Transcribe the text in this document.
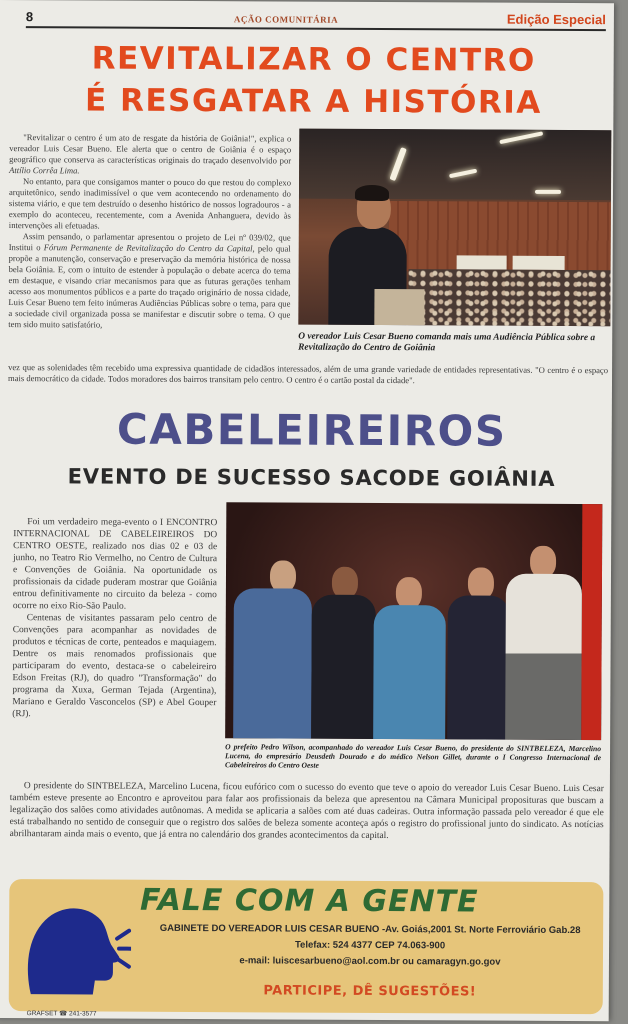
8	AÇÃO COMUNITÁRIA	Edição Especial
REVITALIZAR O CENTRO
É RESGATAR A HISTÓRIA

"Revitalizar o centro é um ato de resgate da história de Goiânia!", explica o vereador Luis Cesar Bueno. Ele alerta que o centro de Goiânia é o espaço geográfico que conserva as características originais do traçado desenvolvido por Attílio Corrêa Lima.

No entanto, para que consigamos manter o pouco do que restou do complexo arquitetônico, sendo inadimissível o que vem acontecendo no ordenamento do sistema viário, e que tem destruído o desenho histórico de nossos logradouros - a exemplo do aconteceu, recentemente, com a Avenida Anhanguera, devido às intervenções ali efetuadas.

Assim pensando, o parlamentar apresentou o projeto de Lei nº 039/02, que Institui o Fórum Permanente de Revitalização do Centro da Capital, pelo qual propõe a manutenção, conservação e preservação da memória histórica de nossa bela Goiânia. E, com o intuito de estender à população o debate acerca do tema em destaque, e visando criar mecanismos para que as futuras gerações tenham acesso aos monumentos públicos e a parte do traçado originário de nossa cidade, Luis Cesar Bueno tem feito inúmeras Audiências Públicas sobre o tema, para que a sociedade civil organizada possa se manifestar e discutir sobre o tema. O que tem sido muito satisfatório,

O vereador Luis Cesar Bueno comanda mais uma Audiência Pública sobre a Revitalização do Centro de Goiânia
vez que as solenidades têm recebido uma expressiva quantidade de cidadãos interessados, além de uma grande variedade de entidades representativas. "O centro é o espaço mais democrático da cidade. Todos moradores dos bairros transitam pelo centro. O centro é o cartão postal da cidade".
CABELEIREIROS
EVENTO DE SUCESSO SACODE GOIÂNIA

Foi um verdadeiro mega-evento o I ENCONTRO INTERNACIONAL DE CABELEIREIROS DO CENTRO OESTE, realizado nos dias 02 e 03 de junho, no Teatro Rio Vermelho, no Centro de Cultura e Convenções de Goiânia. Na oportunidade os profissionais da cidade puderam mostrar que Goiânia entrou definitivamente no circuito da beleza - como ocorre no eixo Rio-São Paulo.

Centenas de visitantes passaram pelo centro de Convenções para acompanhar as novidades de produtos e técnicas de corte, penteados e maquiagem. Dentre os mais renomados profissionais que participaram do evento, destaca-se o cabeleireiro Edson Freitas (RJ), do quadro "Transformação" do programa da Xuxa, German Tejada (Argentina), Mariano e Geraldo Vasconcelos (SP) e Abel Gouper (RJ).

O prefeito Pedro Wilson, acompanhado do vereador Luis Cesar Bueno, do presidente do SINTBELEZA, Marcelino Lucena, do empresário Deusdeth Dourado e do médico Nelson Gillet, durante o I Congresso Internacional de Cabeleireiros do Centro Oeste

O presidente do SINTBELEZA, Marcelino Lucena, ficou eufórico com o sucesso do evento que teve o apoio do vereador Luis Cesar Bueno. Luis Cesar também esteve presente ao Encontro e aproveitou para falar aos profissionais da beleza que apresentou na Câmara Municipal proposituras que buscam a legalização dos salões como atividades autônomas. A medida se aplicaria a salões com até duas cadeiras. Outra informação passada pelo vereador é que ele está trabalhando no sentido de conseguir que o registro dos salões de beleza somente aconteça após o registro do profissional junto do sindicato. As notícias abrilhantaram ainda mais o evento, que já entra no calendário dos grandes acontecimentos da capital.

FALE COM A GENTE
GABINETE DO VEREADOR LUIS CESAR BUENO -Av. Goiás,2001 St. Norte Ferroviário Gab.28
Telefax: 524 4377 CEP 74.063-900
e-mail: luiscesarbueno@aol.com.br ou camaragyn.go.gov
PARTICIPE, DÊ SUGESTÕES!
GRAFSET ☎ 241-3577
